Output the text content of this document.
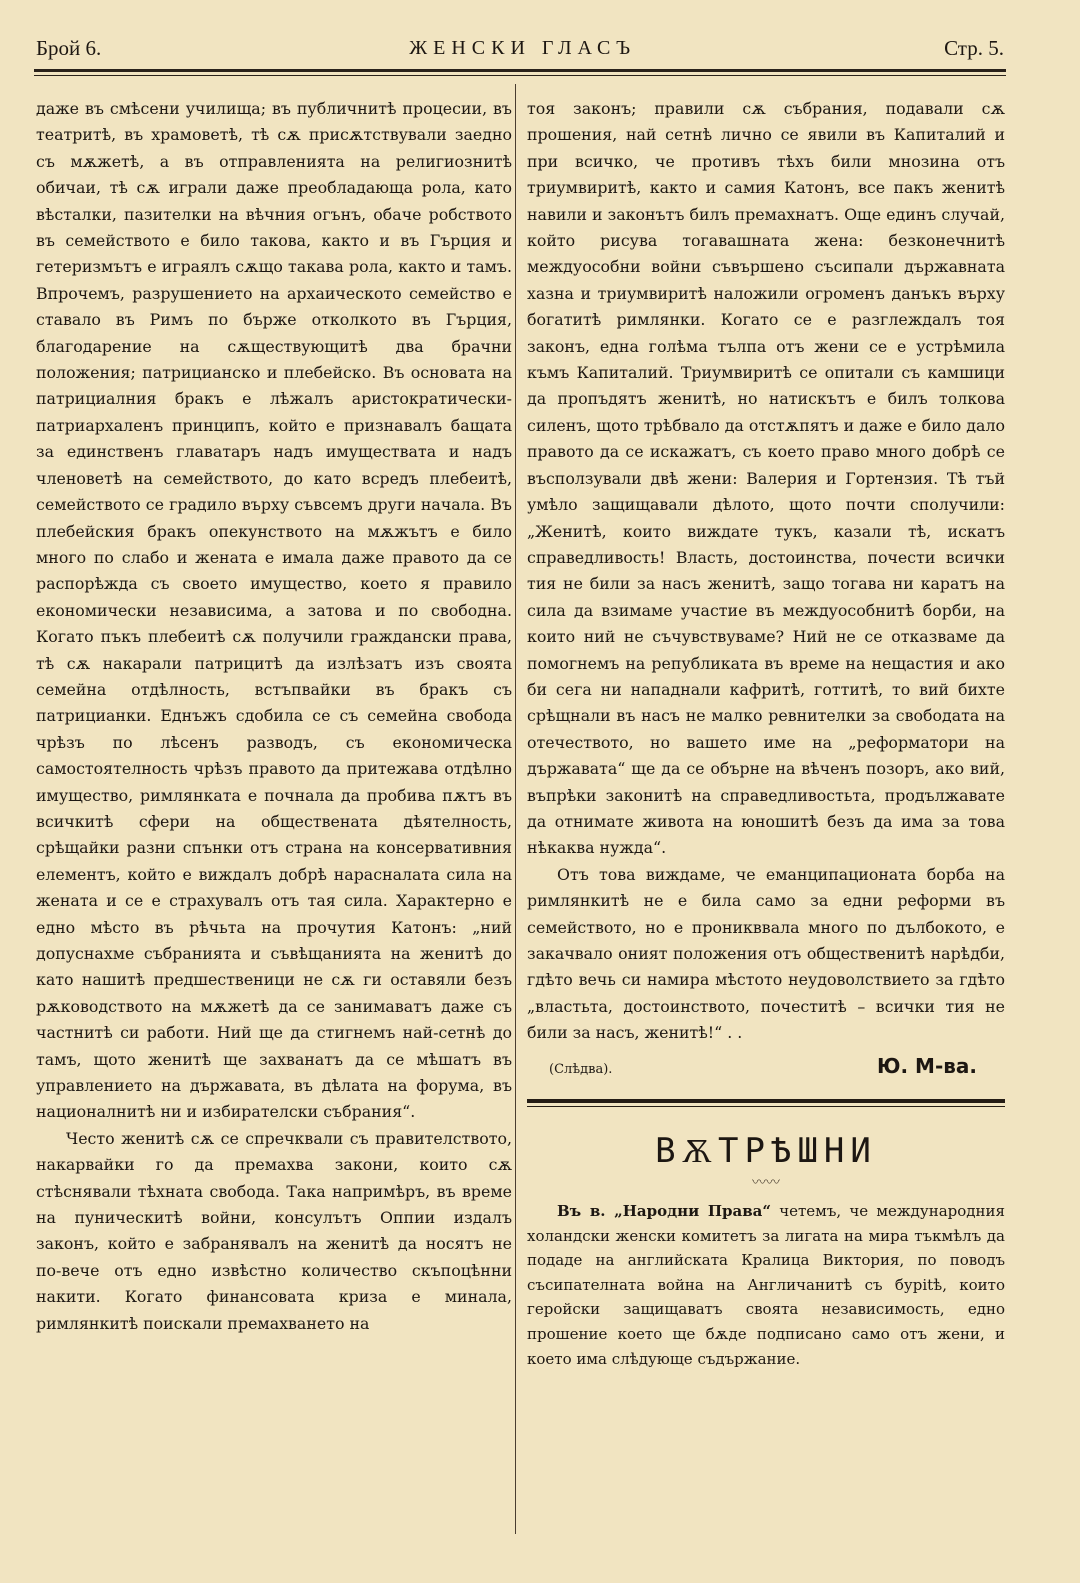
Брой 6.	ЖЕНСКИ ГЛАСЪ	Стр. 5.

даже въ смѣсени училища; въ публичнитѣ процесии, въ театритѣ, въ храмоветѣ, тѣ сѫ присѫтствували заедно съ мѫжетѣ, а въ отправленията на религиознитѣ обичаи, тѣ сѫ играли даже преобладающа рола, като вѣсталки, пазителки на вѣчния огънъ, обаче робството въ семейството е било такова, както и въ Гърция и гетеризмътъ е играялъ сѫщо такава рола, както и тамъ. Впрочемъ, разрушението на архаическото семейство е ставало въ Римъ по бърже отколкото въ Гърция, благодарение на сѫществующитѣ два брачни положения; патрицианско и плебейско. Въ основата на патрициалния бракъ е лѣжалъ аристократически-патриархаленъ принципъ, който е признавалъ бащата за единственъ главатаръ надъ имуществата и надъ членоветѣ на семейството, до като всредъ плебеитѣ, семейството се градило върху съвсемъ други начала. Въ плебейския бракъ опекунството на мѫжътъ е било много по слабо и жената е имала даже правото да се распорѣжда съ своето имущество, което я правило економически независима, а затова и по свободна. Когато пъкъ плебеитѣ сѫ получили граждански права, тѣ сѫ накарали патрицитѣ да излѣзатъ изъ своята семейна отдѣлность, встъпвайки въ бракъ съ патрицианки. Еднъжъ сдобила се съ семейна свобода чрѣзъ по лѣсенъ разводъ, съ економическа самостоятелность чрѣзъ правото да притежава отдѣлно имущество, римлянката е почнала да пробива пѫтъ въ всичкитѣ сфери на обществената дѣятелность, срѣщайки разни спънки отъ страна на консервативния елементъ, който е виждалъ добрѣ нарасналата сила на жената и се е страхувалъ отъ тая сила. Характерно е едно мѣсто въ рѣчьта на прочутия Катонъ: „ний допуснахме събранията и съвѣщанията на женитѣ до като нашитѣ предшественици не сѫ ги оставяли безъ рѫководството на мѫжетѣ да се занимаватъ даже съ частнитѣ си работи. Ний ще да стигнемъ най-сетнѣ до тамъ, щото женитѣ ще захванатъ да се мѣшатъ въ управлението на държавата, въ дѣлата на форума, въ националнитѣ ни и избирателски събрания“.

Често женитѣ сѫ се спречквали съ правителството, накарвайки го да премахва закони, които сѫ стѣснявали тѣхната свобода. Така напримѣръ, въ време на пуническитѣ войни, консулътъ Оппии издалъ законъ, който е забранявалъ на женитѣ да носятъ не по-вече отъ едно извѣстно количество скъпоцѣнни накити. Когато финансовата криза е минала, римлянкитѣ поискали премахването на

тоя законъ; правили сѫ събрания, подавали сѫ прошения, най сетнѣ лично се явили въ Капиталий и при всичко, че противъ тѣхъ били мнозина отъ триумвиритѣ, както и самия Катонъ, все пакъ женитѣ навили и законътъ билъ премахнатъ. Още единъ случай, който рисува тогавашната жена: безконечнитѣ междуособни войни съвършено съсипали държавната хазна и триумвиритѣ наложили огроменъ данъкъ върху богатитѣ римлянки. Когато се е разглеждалъ тоя законъ, една голѣма тълпа отъ жени се е устрѣмила къмъ Капиталий. Триумвиритѣ се опитали съ камшици да пропъдятъ женитѣ, но натискътъ е билъ толкова силенъ, щото трѣбвало да отстѫпятъ и даже е било дало правото да се искажатъ, съ което право много добрѣ се въсползували двѣ жени: Валерия и Гортензия. Тѣ тъй умѣло защищавали дѣлото, щото почти сполучили: „Женитѣ, които виждате тукъ, казали тѣ, искатъ справедливость! Власть, достоинства, почести всички тия не били за насъ женитѣ, защо тогава ни каратъ на сила да взимаме участие въ междуособнитѣ борби, на които ний не съчувствуваме? Ний не се отказваме да помогнемъ на републиката въ време на нещастия и ако би сега ни нападнали кафритѣ, готтитѣ, то вий бихте срѣщнали въ насъ не малко ревнителки за свободата на отечеството, но вашето име на „реформатори на държавата“ ще да се обърне на вѣченъ позоръ, ако вий, въпрѣки законитѣ на справедливостьта, продължавате да отнимате живота на юношитѣ безъ да има за това нѣкаква нужда“.

Отъ това виждаме, че еманципационата борба на римлянкитѣ не е била само за едни реформи въ семейството, но е проникввала много по дълбокото, е закачвало оният положения отъ общественитѣ нарѣдби, гдѣто вечь си намира мѣстото неудоволствието за гдѣто „властьта, достоинството, почеститѣ – всички тия не били за насъ, женитѣ!“ . .

(Слѣдва).	Ю. М-ва.
ВѪТРѢШНИ
〰〰

Въ в. „Народни Права“ четемъ, че международния холандски женски комитетъ за лигата на мира тъкмѣлъ да подаде на английската Кралица Виктория, по поводъ съсипателната война на Англичанитѣ съ бурitѣ, които геройски защищаватъ своята независимость, едно прошение което ще бѫде подписано само отъ жени, и което има слѣдующе съдържание.
